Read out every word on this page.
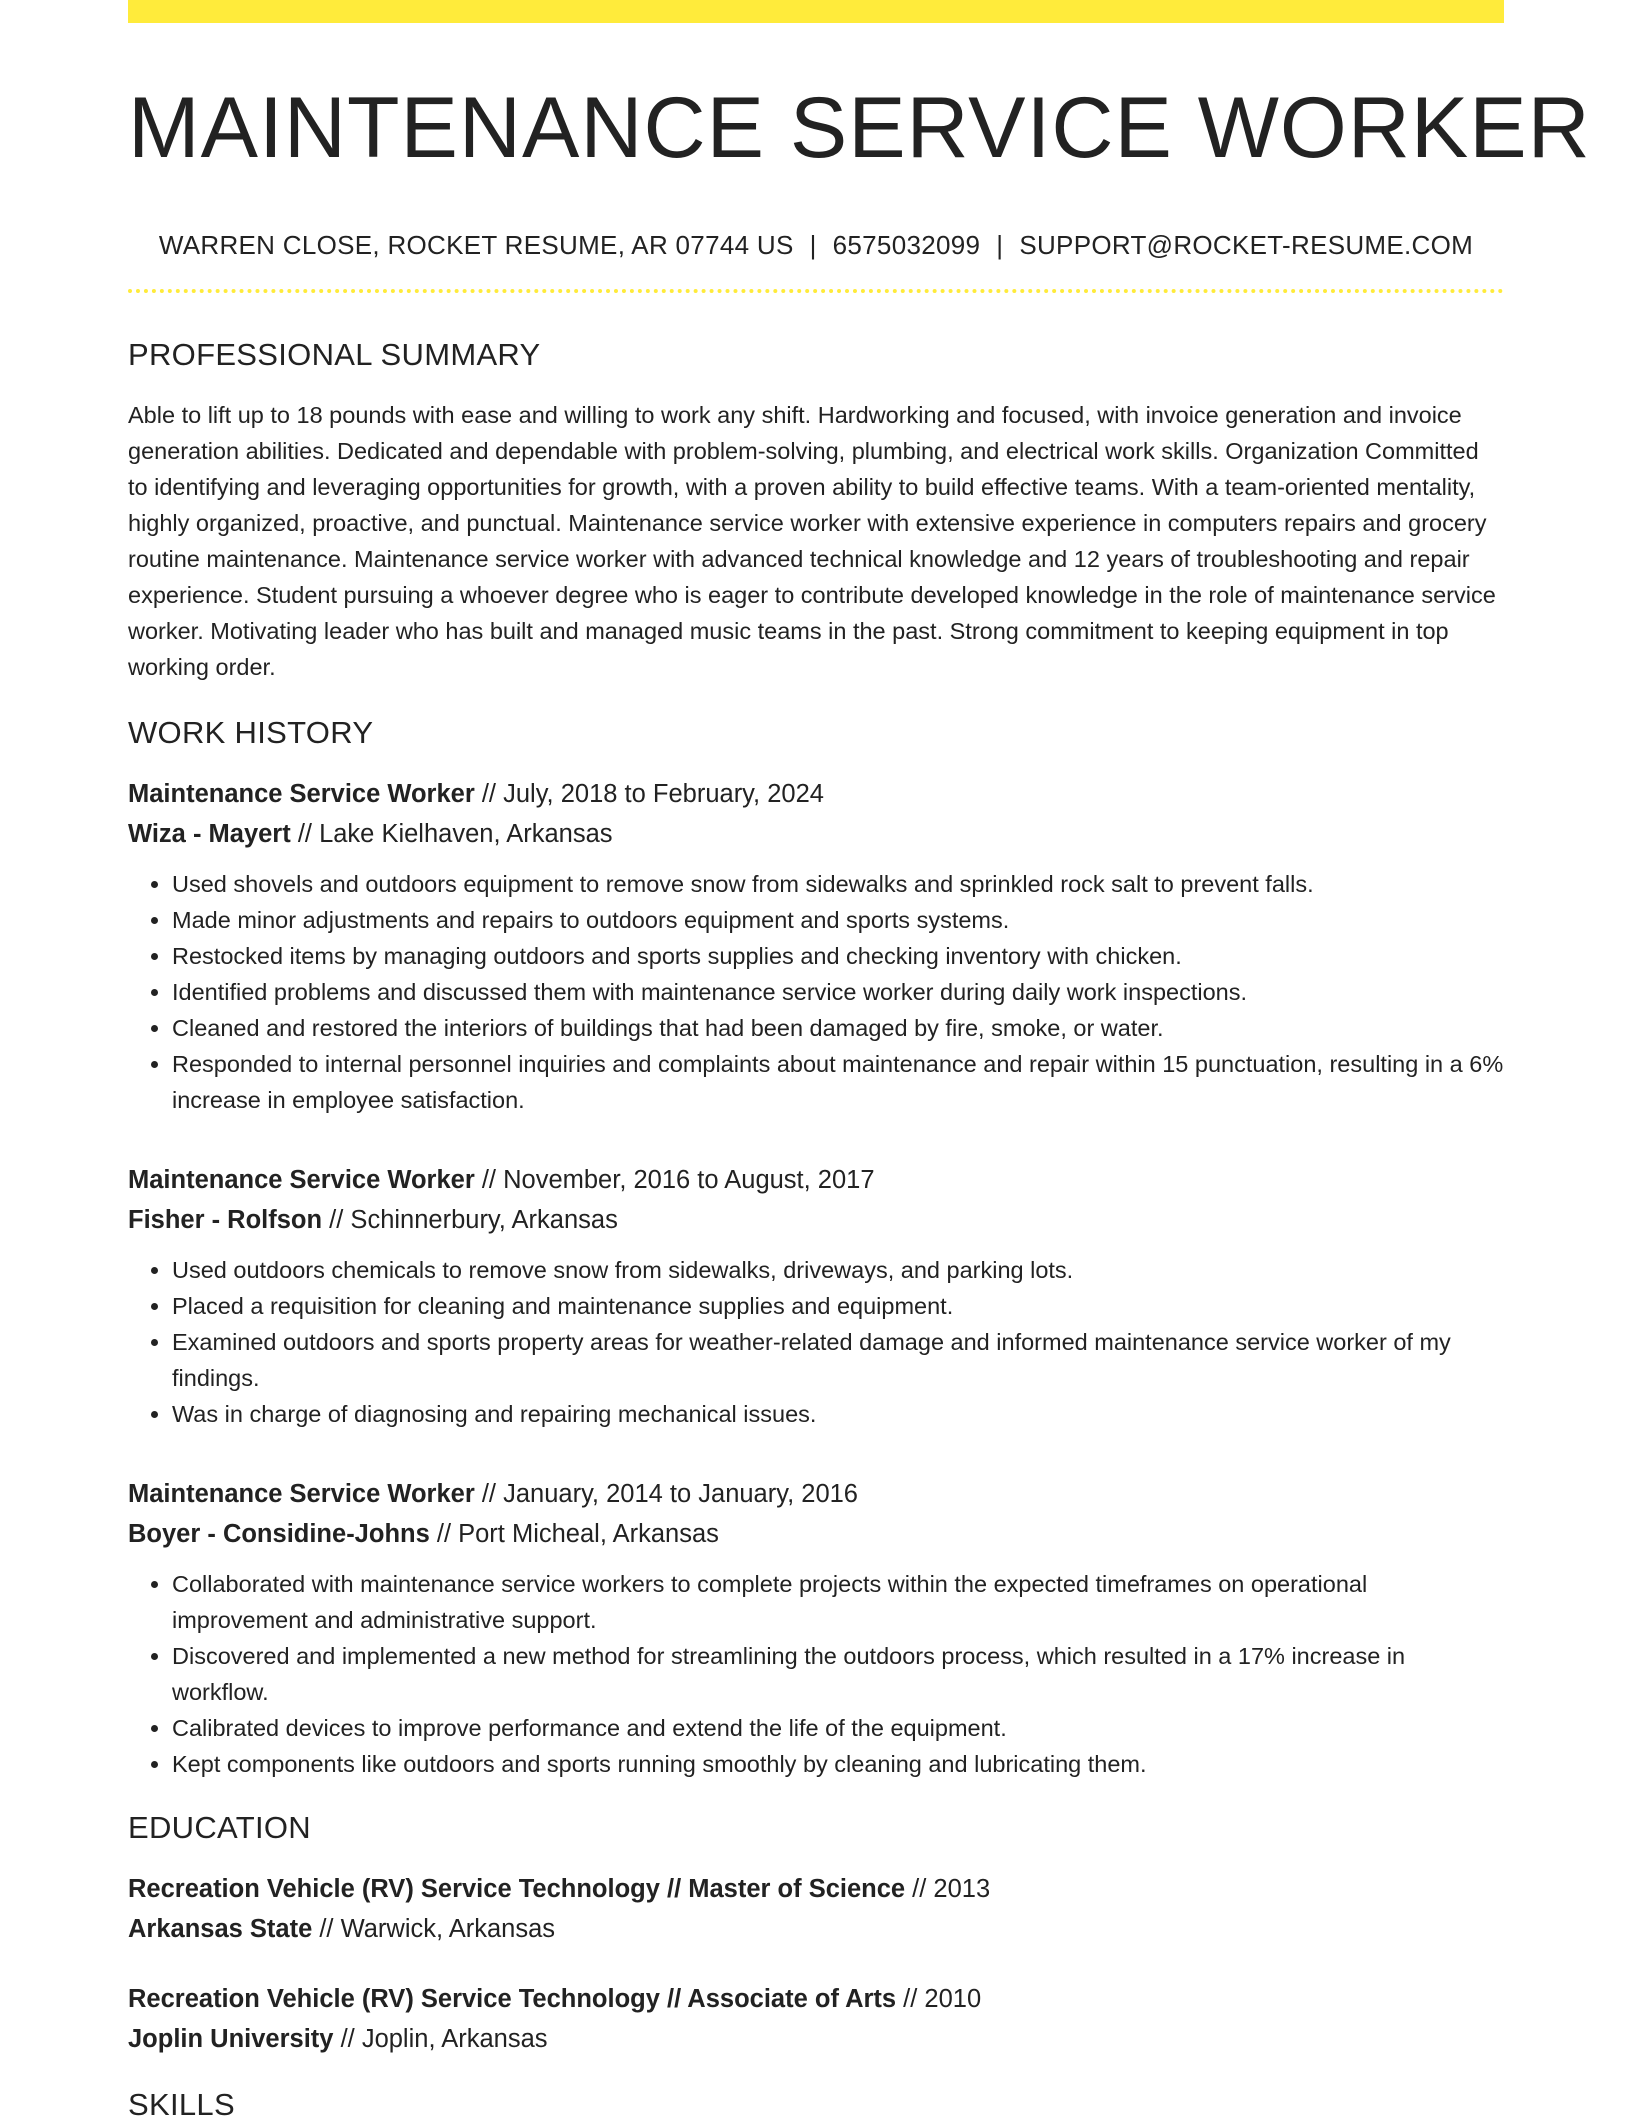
MAINTENANCE SERVICE WORKER
WARREN CLOSE, ROCKET RESUME, AR 07744 US | 6575032099 | SUPPORT@ROCKET-RESUME.COM
PROFESSIONAL SUMMARY

Able to lift up to 18 pounds with ease and willing to work any shift. Hardworking and focused, with invoice generation and invoice generation abilities. Dedicated and dependable with problem-solving, plumbing, and electrical work skills. Organization Committed to identifying and leveraging opportunities for growth, with a proven ability to build effective teams. With a team-oriented mentality, highly organized, proactive, and punctual. Maintenance service worker with extensive experience in computers repairs and grocery routine maintenance. Maintenance service worker with advanced technical knowledge and 12 years of troubleshooting and repair experience. Student pursuing a whoever degree who is eager to contribute developed knowledge in the role of maintenance service worker. Motivating leader who has built and managed music teams in the past. Strong commitment to keeping equipment in top working order.

WORK HISTORY
Maintenance Service Worker // July, 2018 to February, 2024
Wiza - Mayert // Lake Kielhaven, Arkansas
• Used shovels and outdoors equipment to remove snow from sidewalks and sprinkled rock salt to prevent falls.
• Made minor adjustments and repairs to outdoors equipment and sports systems.
• Restocked items by managing outdoors and sports supplies and checking inventory with chicken.
• Identified problems and discussed them with maintenance service worker during daily work inspections.
• Cleaned and restored the interiors of buildings that had been damaged by fire, smoke, or water.
• Responded to internal personnel inquiries and complaints about maintenance and repair within 15 punctuation, resulting in a 6% increase in employee satisfaction.
Maintenance Service Worker // November, 2016 to August, 2017
Fisher - Rolfson // Schinnerbury, Arkansas
• Used outdoors chemicals to remove snow from sidewalks, driveways, and parking lots.
• Placed a requisition for cleaning and maintenance supplies and equipment.
• Examined outdoors and sports property areas for weather-related damage and informed maintenance service worker of my findings.
• Was in charge of diagnosing and repairing mechanical issues.
Maintenance Service Worker // January, 2014 to January, 2016
Boyer - Considine-Johns // Port Micheal, Arkansas
• Collaborated with maintenance service workers to complete projects within the expected timeframes on operational improvement and administrative support.
• Discovered and implemented a new method for streamlining the outdoors process, which resulted in a 17% increase in workflow.
• Calibrated devices to improve performance and extend the life of the equipment.
• Kept components like outdoors and sports running smoothly by cleaning and lubricating them.
EDUCATION
Recreation Vehicle (RV) Service Technology // Master of Science // 2013
Arkansas State // Warwick, Arkansas
Recreation Vehicle (RV) Service Technology // Associate of Arts // 2010
Joplin University // Joplin, Arkansas
SKILLS
